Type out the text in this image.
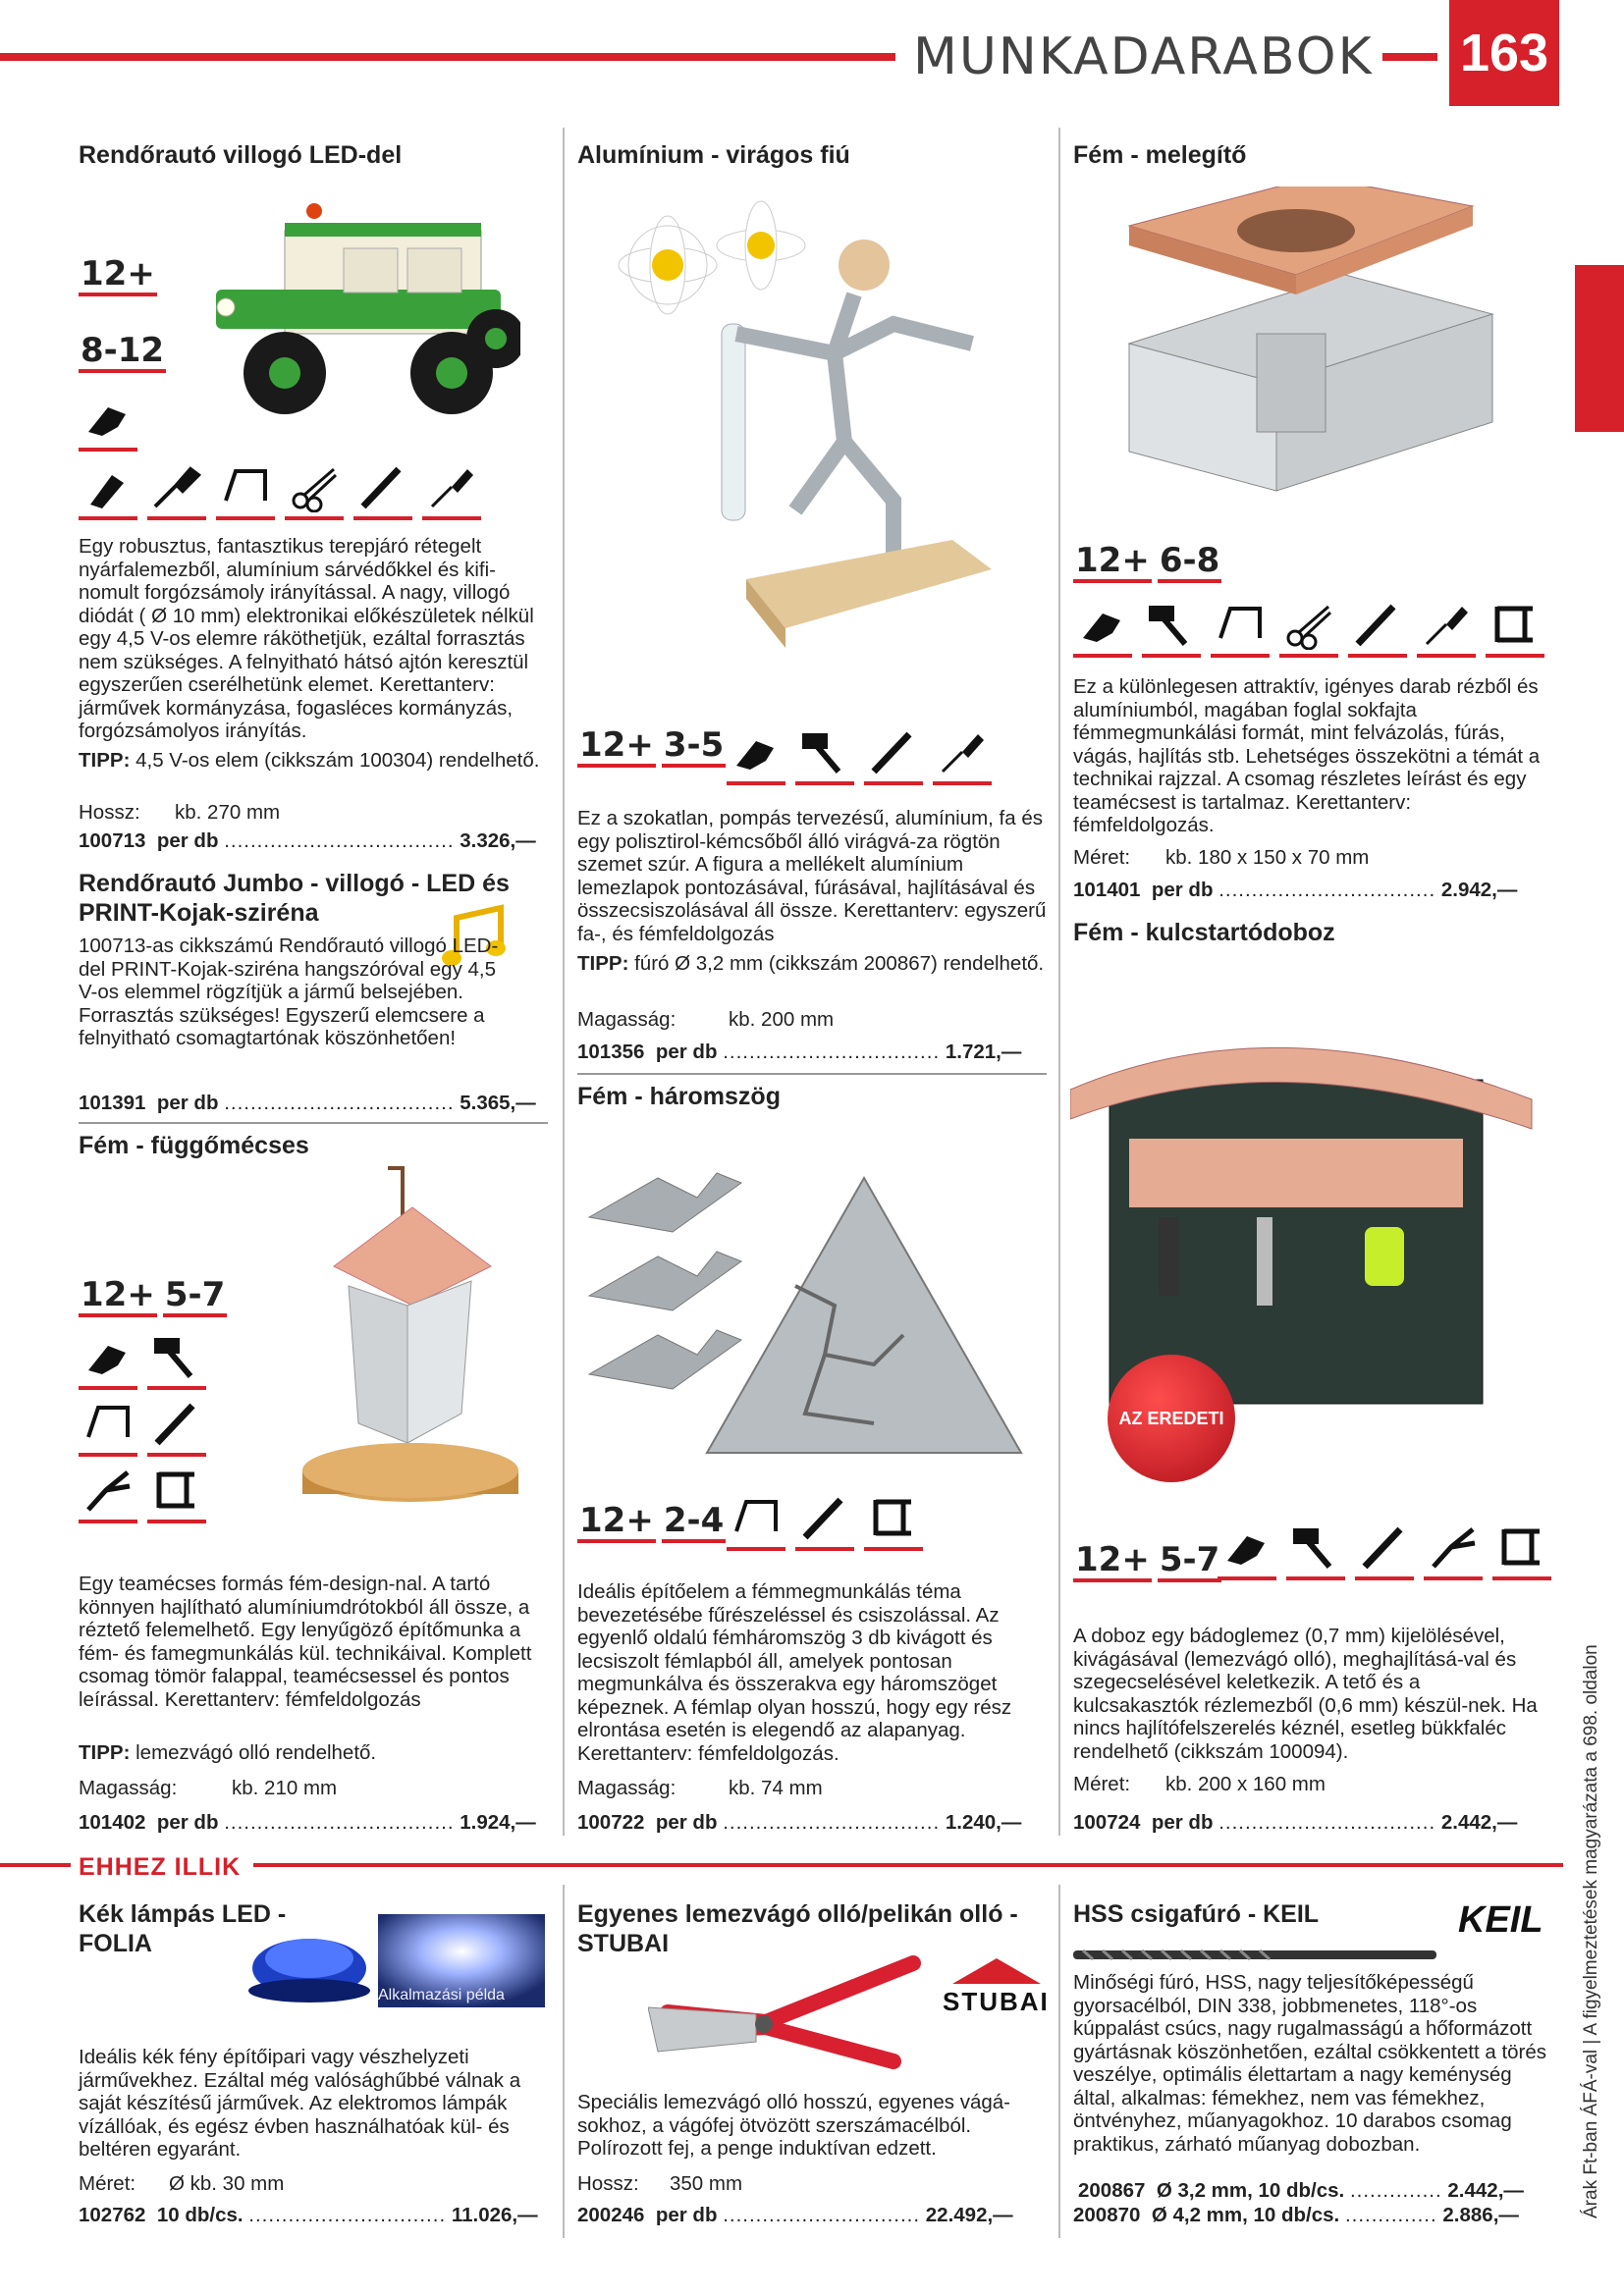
MUNKADARABOK 163
Árak Ft-ban ÁFÁ-val | A figyelmeztetések magyarázata a 698. oldalon
Rendőrautó villogó LED-del
12+
8-12

Egy robusztus, fantasztikus terepjáró rétegelt nyárfalemezből, alumínium sárvédőkkel és kifi-nomult forgózsámoly irányítással. A nagy, villogó diódát ( Ø 10 mm) elektronikai előkészületek nélkül egy 4,5 V-os elemre ráköthetjük, ezáltal forrasztás nem szükséges. A felnyitható hátsó ajtón keresztül egyszerűen cserélhetünk elemet. Kerettanterv: járművek kormányzása, fogasléces kormányzás, forgózsámolyos irányítás.

TIPP: 4,5 V-os elem (cikkszám 100304) rendelhető.
Hossz: kb. 270 mm
100713 per db ................................... 3.326,—
Rendőrautó Jumbo - villogó - LED és PRINT-Kojak-sziréna

100713-as cikkszámú Rendőrautó villogó LED-del PRINT-Kojak-sziréna hangszóróval egy 4,5 V-os elemmel rögzítjük a jármű belsejében. Forrasztás szükséges! Egyszerű elemcsere a felnyitható csomagtartónak köszönhetően!

101391 per db ................................... 5.365,—
Fém - függőmécses
12+ 5-7

Egy teamécses formás fém-design-nal. A tartó könnyen hajlítható alumíniumdrótokból áll össze, a réztető felemelhető. Egy lenyűgöző építőmunka a fém- és famegmunkálás kül. technikáival. Komplett csomag tömör falappal, teamécsessel és pontos leírással. Kerettanterv: fémfeldolgozás

TIPP: lemezvágó olló rendelhető.
Magasság:	kb. 210 mm
101402 per db ................................... 1.924,—
Alumínium - virágos fiú
12+ 3-5

Ez a szokatlan, pompás tervezésű, alumínium, fa és egy polisztirol-kémcsőből álló virágvá-za rögtön szemet szúr. A figura a mellékelt alumínium lemezlapok pontozásával, fúrásával, hajlításával és összecsiszolásával áll össze. Kerettanterv: egyszerű fa-, és fémfeldolgozás

TIPP: fúró Ø 3,2 mm (cikkszám 200867) rendelhető.
Magasság:	kb. 200 mm
101356 per db ................................. 1.721,—
Fém - háromszög
12+ 2-4

Ideális építőelem a fémmegmunkálás téma bevezetésébe fűrészeléssel és csiszolással. Az egyenlő oldalú fémháromszög 3 db kivágott és lecsiszolt fémlapból áll, amelyek pontosan megmunkálva és összerakva egy háromszöget képeznek. A fémlap olyan hosszú, hogy egy rész elrontása esetén is elegendő az alapanyag. Kerettanterv: fémfeldolgozás.

Magasság:	kb. 74 mm
100722 per db ................................. 1.240,—
Fém - melegítő
12+ 6-8

Ez a különlegesen attraktív, igényes darab rézből és alumíniumból, magában foglal sokfajta fémmegmunkálási formát, mint felvázolás, fúrás, vágás, hajlítás stb. Lehetséges összekötni a témát a technikai rajzzal. A csomag részletes leírást és egy teamécsest is tartalmaz. Kerettanterv: fémfeldolgozás.

Méret: kb. 180 x 150 x 70 mm
101401 per db ................................. 2.942,—
Fém - kulcstartódoboz
AZ EREDETI
12+ 5-7

A doboz egy bádoglemez (0,7 mm) kijelölésével, kivágásával (lemezvágó olló), meghajlításá-val és szegecselésével keletkezik. A tető és a kulcsakasztók rézlemezből (0,6 mm) készül-nek. Ha nincs hajlítófelszerelés kéznél, esetleg bükkfaléc rendelhető (cikkszám 100094).

Méret: kb. 200 x 160 mm
100724 per db ................................. 2.442,—
EHHEZ ILLIK
Kék lámpás LED - FOLIA
Alkalmazási példa

Ideális kék fény építőipari vagy vészhelyzeti járművekhez. Ezáltal még valósághűbbé válnak a saját készítésű járművek. Az elektromos lámpák vízállóak, és egész évben használhatóak kül- és beltéren egyaránt.

Méret: Ø kb. 30 mm
102762 10 db/cs. .............................. 11.026,—
Egyenes lemezvágó olló/pelikán olló - STUBAI
STUBAI

Speciális lemezvágó olló hosszú, egyenes vágá-sokhoz, a vágófej ötvözött szerszámacélból. Polírozott fej, a penge induktívan edzett.

Hossz: 350 mm
200246 per db .............................. 22.492,—
HSS csigafúró - KEIL	KEIL

Minőségi fúró, HSS, nagy teljesítőképességű gyorsacélból, DIN 338, jobbmenetes, 118°-os kúppalást csúcs, nagy rugalmasságú a hőformázott gyártásnak köszönhetően, ezáltal csökkentett a törés veszélye, optimális élettartam a nagy keménység által, alkalmas: fémekhez, nem vas fémekhez, öntvényhez, műanyagokhoz. 10 darabos csomag praktikus, zárható műanyag dobozban.

200867 Ø 3,2 mm, 10 db/cs. .............. 2.442,—
200870 Ø 4,2 mm, 10 db/cs. .............. 2.886,—
